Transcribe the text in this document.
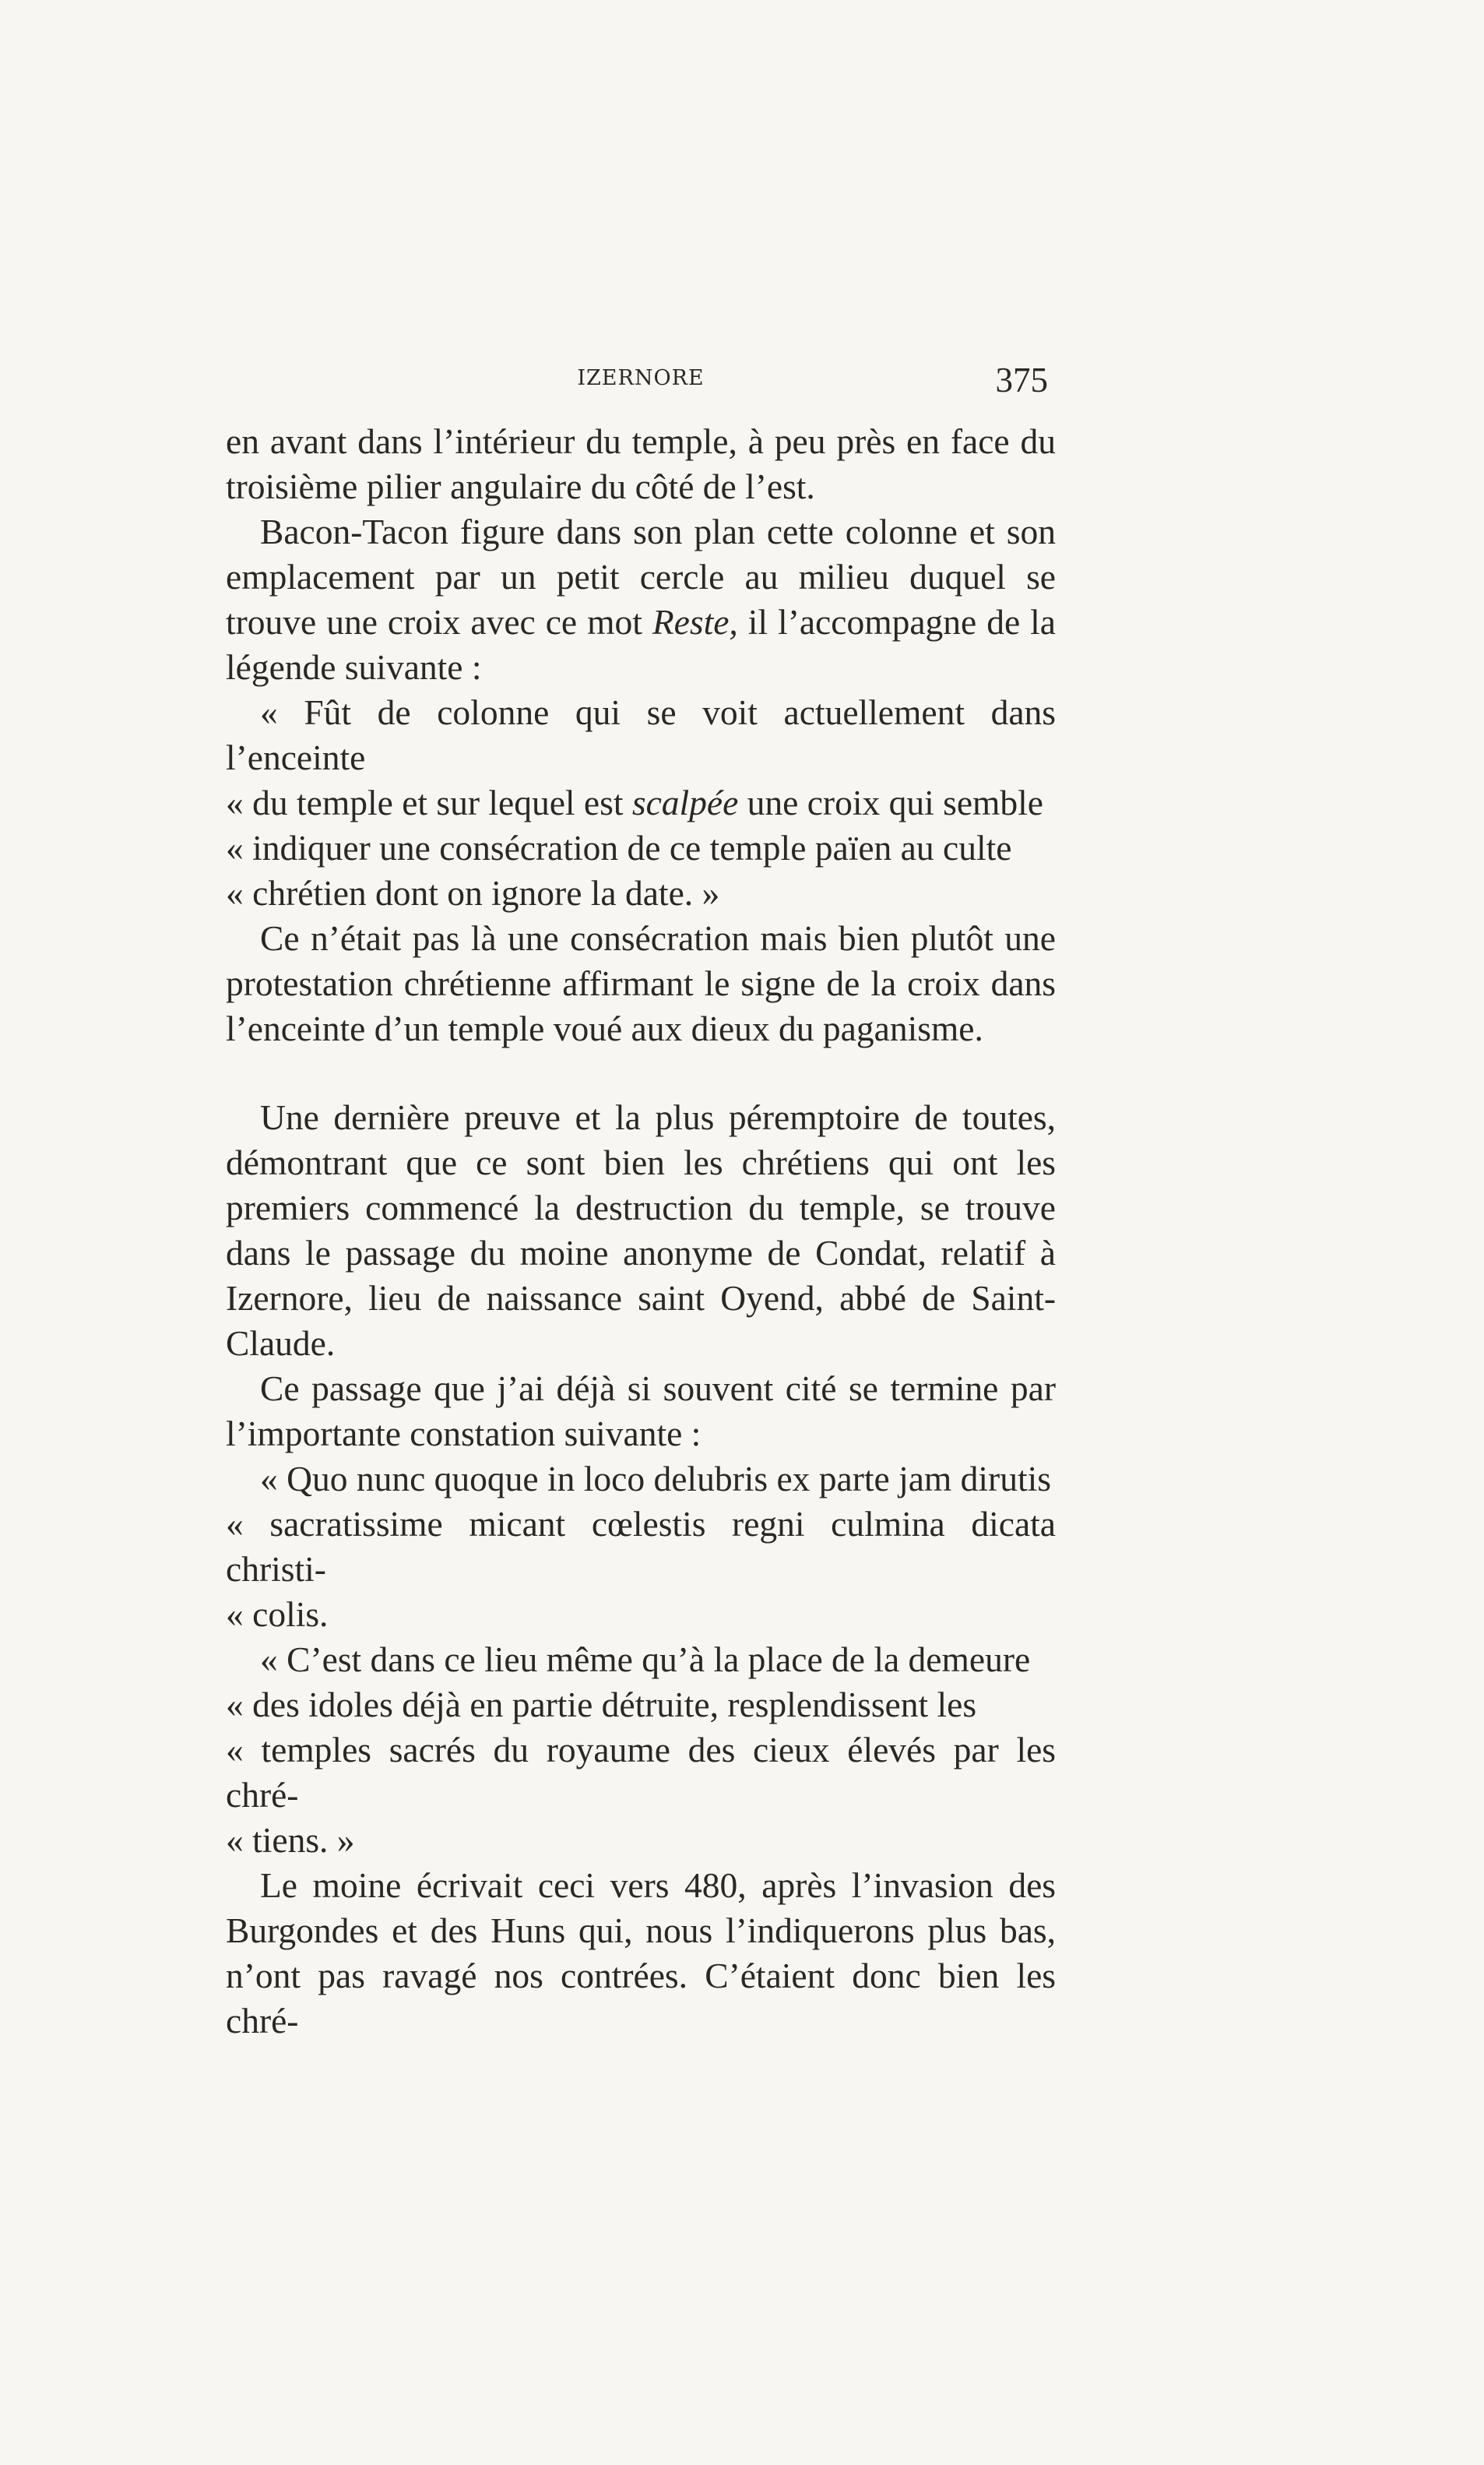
IZERNORE	375

en avant dans l’intérieur du temple, à peu près en face du troisième pilier angulaire du côté de l’est.

Bacon-Tacon figure dans son plan cette colonne et son emplacement par un petit cercle au milieu duquel se trouve une croix avec ce mot Reste, il l’accompagne de la légende suivante :

« Fût de colonne qui se voit actuellement dans l’enceinte

« du temple et sur lequel est scalpée une croix qui semble

« indiquer une consécration de ce temple païen au culte

« chrétien dont on ignore la date. »

Ce n’était pas là une consécration mais bien plutôt une protestation chrétienne affirmant le signe de la croix dans l’enceinte d’un temple voué aux dieux du paganisme.

Une dernière preuve et la plus péremptoire de toutes, démontrant que ce sont bien les chrétiens qui ont les premiers commencé la destruction du temple, se trouve dans le passage du moine anonyme de Condat, relatif à Izernore, lieu de naissance saint Oyend, abbé de Saint-Claude.

Ce passage que j’ai déjà si souvent cité se termine par l’importante constation suivante :

« Quo nunc quoque in loco delubris ex parte jam dirutis

« sacratissime micant cœlestis regni culmina dicata christi-

« colis.

« C’est dans ce lieu même qu’à la place de la demeure

« des idoles déjà en partie détruite, resplendissent les

« temples sacrés du royaume des cieux élevés par les chré-

« tiens. »

Le moine écrivait ceci vers 480, après l’invasion des Burgondes et des Huns qui, nous l’indiquerons plus bas, n’ont pas ravagé nos contrées. C’étaient donc bien les chré-
